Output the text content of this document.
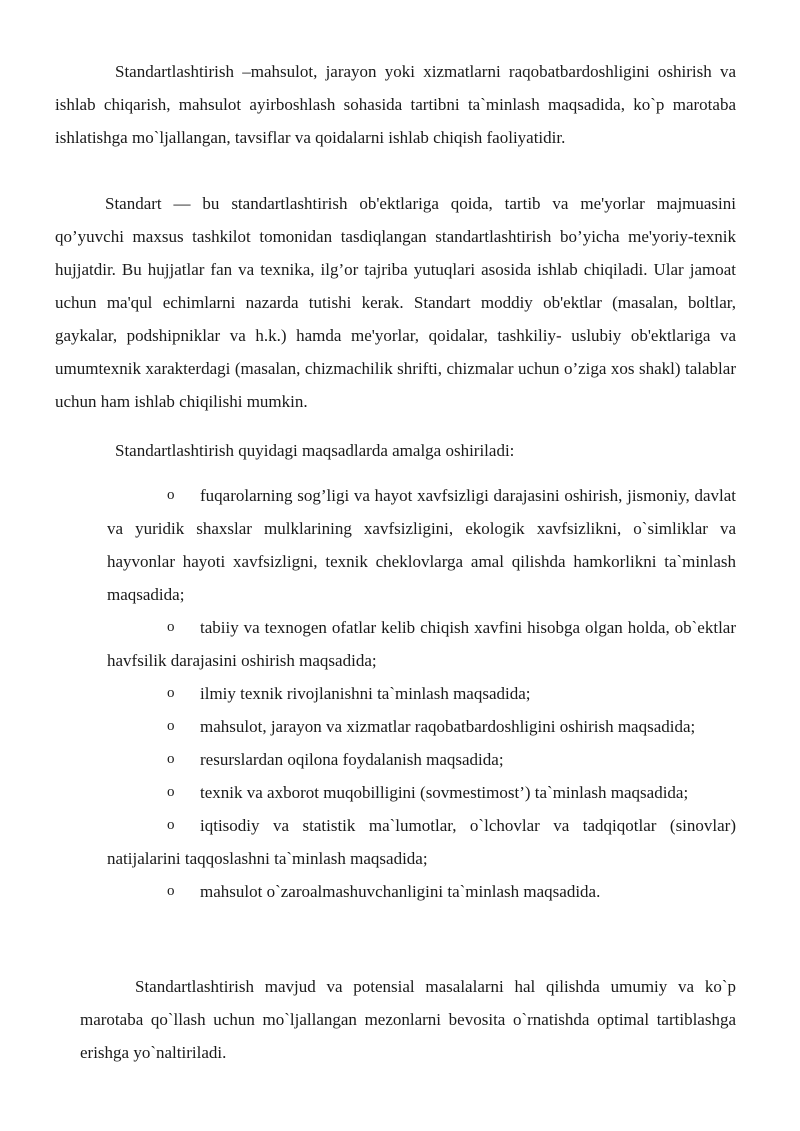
Standartlashtirish –mahsulot, jarayon yoki xizmatlarni raqobatbardoshligini oshirish va ishlab chiqarish, mahsulot ayirboshlash sohasida tartibni ta`minlash maqsadida, ko`p marotaba ishlatishga mo`ljallangan, tavsiflar va qoidalarni ishlab chiqish faoliyatidir.

Standart — bu standartlashtirish ob'ektlariga qoida, tartib va me'yorlar majmuasini qo’yuvchi maxsus tashkilot tomonidan tasdiqlangan standartlashtirish bo’yicha me'yoriy-texnik hujjatdir. Bu hujjatlar fan va texnika, ilg’or tajriba yutuqlari asosida ishlab chiqiladi. Ular jamoat uchun ma'qul echimlarni nazarda tutishi kerak. Standart moddiy ob'ektlar (masalan, boltlar, gaykalar, podshipniklar va h.k.) hamda me'yorlar, qoidalar, tashkiliy- uslubiy ob'ektlariga va umumtexnik xarakterdagi (masalan, chizmachilik shrifti, chizmalar uchun o’ziga xos shakl) talablar uchun ham ishlab chiqilishi mumkin.

Standartlashtirish quyidagi maqsadlarda amalga oshiriladi:

o fuqarolarning sog’ligi va hayot xavfsizligi darajasini oshirish, jismoniy, davlat va yuridik shaxslar mulklarining xavfsizligini, ekologik xavfsizlikni, o`simliklar va hayvonlar hayoti xavfsizligni, texnik cheklovlarga amal qilishda hamkorlikni ta`minlash maqsadida;
o tabiiy va texnogen ofatlar kelib chiqish xavfini hisobga olgan holda, ob`ektlar havfsilik darajasini oshirish maqsadida;
o ilmiy texnik rivojlanishni ta`minlash maqsadida;
o mahsulot, jarayon va xizmatlar raqobatbardoshligini oshirish maqsadida;
o resurslardan oqilona foydalanish maqsadida;
o texnik va axborot muqobilligini (sovmestimost’) ta`minlash maqsadida;
o iqtisodiy va statistik ma`lumotlar, o`lchovlar va tadqiqotlar (sinovlar) natijalarini taqqoslashni ta`minlash maqsadida;
o mahsulot o`zaroalmashuvchanligini ta`minlash maqsadida.

Standartlashtirish mavjud va potensial masalalarni hal qilishda umumiy va ko`p marotaba qo`llash uchun mo`ljallangan mezonlarni bevosita o`rnatishda optimal tartiblashga erishga yo`naltiriladi.
